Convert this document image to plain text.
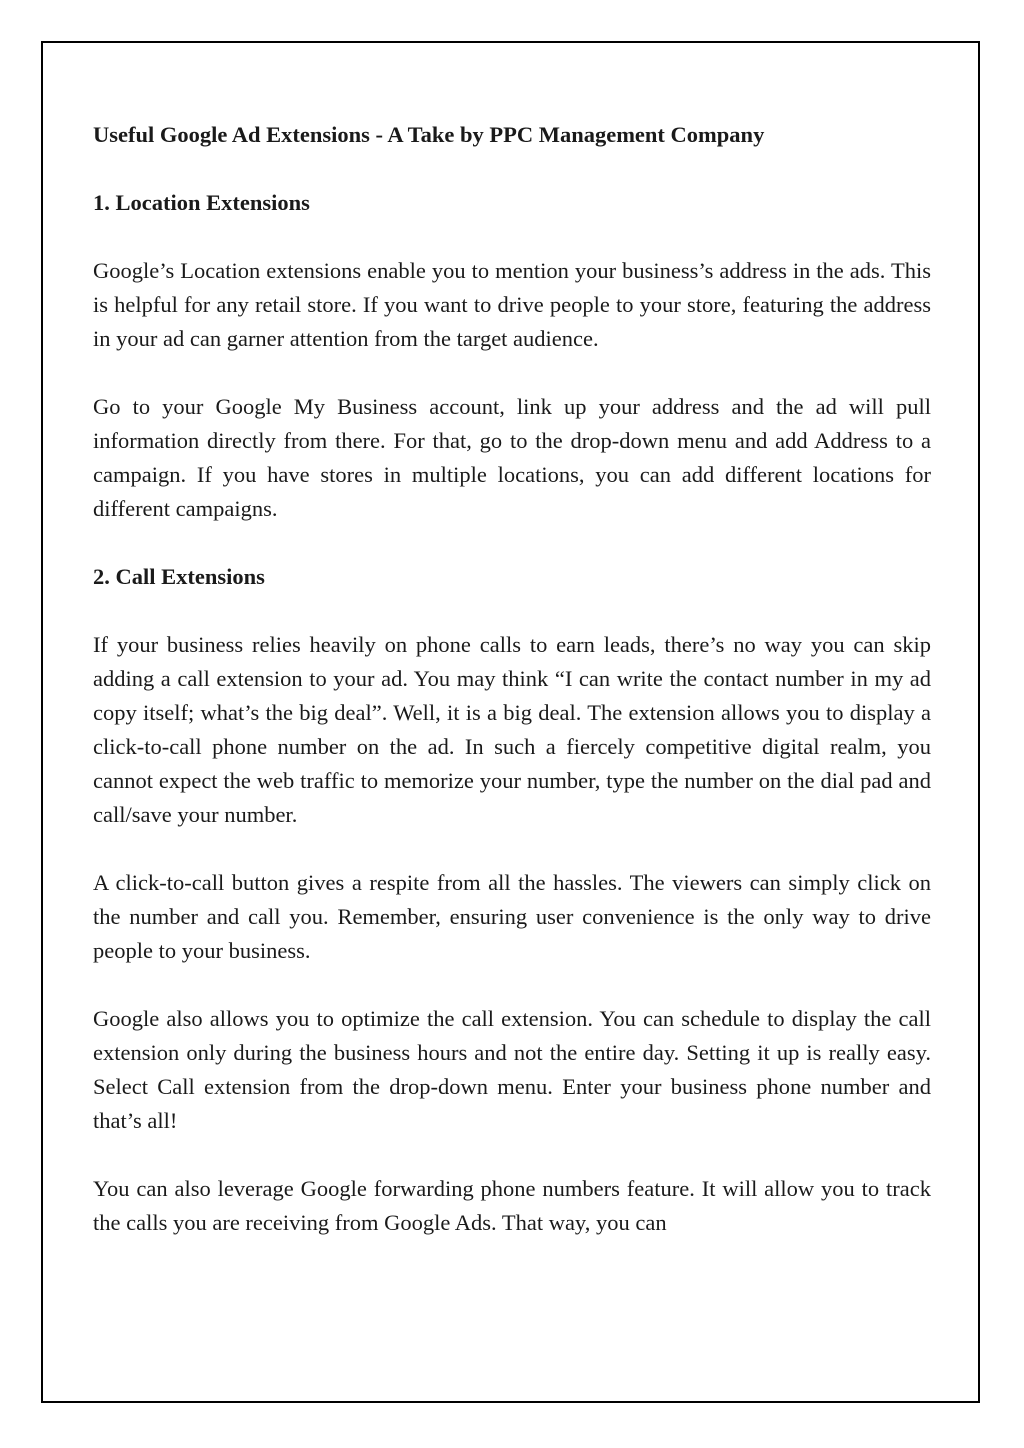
Useful Google Ad Extensions - A Take by PPC Management Company

1. Location Extensions

Google’s Location extensions enable you to mention your business’s address in the ads. This is helpful for any retail store. If you want to drive people to your store, featuring the address in your ad can garner attention from the target audience.

Go to your Google My Business account, link up your address and the ad will pull information directly from there. For that, go to the drop-down menu and add Address to a campaign. If you have stores in multiple locations, you can add different locations for different campaigns.

2. Call Extensions

If your business relies heavily on phone calls to earn leads, there’s no way you can skip adding a call extension to your ad. You may think “I can write the contact number in my ad copy itself; what’s the big deal”. Well, it is a big deal. The extension allows you to display a click-to-call phone number on the ad. In such a fiercely competitive digital realm, you cannot expect the web traffic to memorize your number, type the number on the dial pad and call/save your number.

A click-to-call button gives a respite from all the hassles. The viewers can simply click on the number and call you. Remember, ensuring user convenience is the only way to drive people to your business.

Google also allows you to optimize the call extension. You can schedule to display the call extension only during the business hours and not the entire day. Setting it up is really easy. Select Call extension from the drop-down menu. Enter your business phone number and that’s all!

You can also leverage Google forwarding phone numbers feature. It will allow you to track the calls you are receiving from Google Ads. That way, you can
